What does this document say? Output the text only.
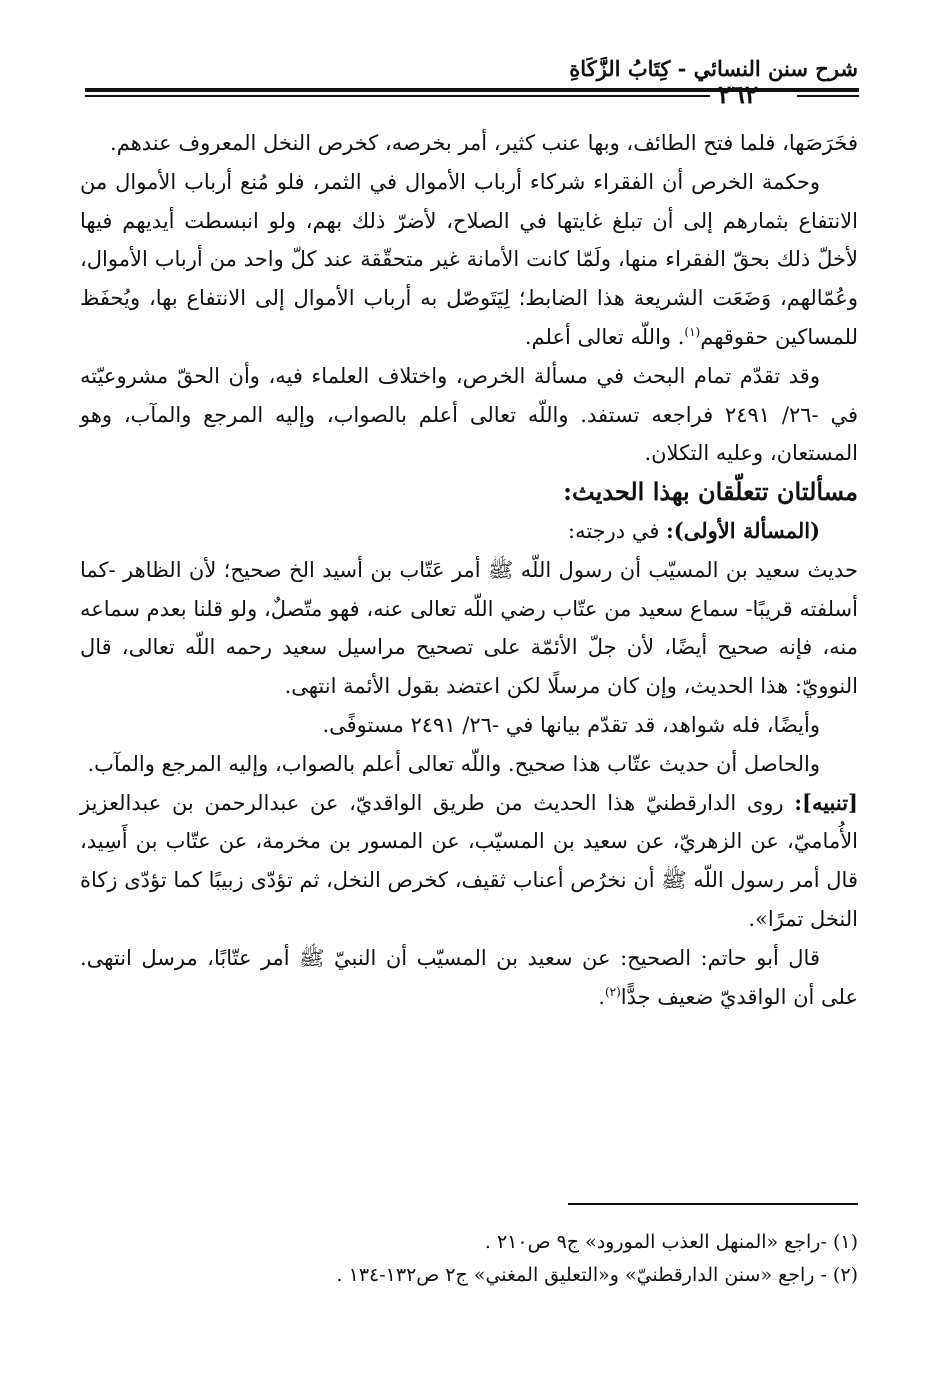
شرح سنن النسائي - كِتَابُ الزَّكَاةِ
٢٦٢

فخَرَصَها، فلما فتح الطائف، وبها عنب كثير، أمر بخرصه، كخرص النخل المعروف عندهم.

وحكمة الخرص أن الفقراء شركاء أرباب الأموال في الثمر، فلو مُنع أرباب الأموال من الانتفاع بثمارهم إلى أن تبلغ غايتها في الصلاح، لأضرّ ذلك بهم، ولو انبسطت أيديهم فيها لأخلّ ذلك بحقّ الفقراء منها، ولَمّا كانت الأمانة غير متحقّقة عند كلّ واحد من أرباب الأموال، وعُمّالهم، وَضَعَت الشريعة هذا الضابط؛ لِيَتَوصّل به أرباب الأموال إلى الانتفاع بها، ويُحفَظ للمساكين حقوقهم$^{(١)}$. واللّه تعالى أعلم.

وقد تقدّم تمام البحث في مسألة الخرص، واختلاف العلماء فيه، وأن الحقّ مشروعيّته في -٢٦/ ٢٤٩١ فراجعه تستفد. واللّه تعالى أعلم بالصواب، وإليه المرجع والمآب، وهو المستعان، وعليه التكلان.

مسألتان تتعلّقان بهذا الحديث:

(المسألة الأولى): في درجته:

حديث سعيد بن المسيّب أن رسول اللّه ﷺ أمر عَتّاب بن أسيد الخ صحيح؛ لأن الظاهر -كما أسلفته قريبًا- سماع سعيد من عتّاب رضي اللّه تعالى عنه، فهو متّصلٌ، ولو قلنا بعدم سماعه منه، فإنه صحيح أيضًا، لأن جلّ الأئمّة على تصحيح مراسيل سعيد رحمه اللّه تعالى، قال النوويّ: هذا الحديث، وإن كان مرسلًا لكن اعتضد بقول الأئمة انتهى.

وأيضًا، فله شواهد، قد تقدّم بيانها في -٢٦/ ٢٤٩١ مستوفًى.

والحاصل أن حديث عتّاب هذا صحيح. واللّه تعالى أعلم بالصواب، وإليه المرجع والمآب.

[تنبيه]: روى الدارقطنيّ هذا الحديث من طريق الواقديّ، عن عبدالرحمن بن عبدالعزيز الأُماميّ، عن الزهريّ، عن سعيد بن المسيّب، عن المسور بن مخرمة، عن عتّاب بن أَسِيد، قال أمر رسول اللّه ﷺ أن نخرُص أعناب ثقيف، كخرص النخل، ثم تؤدّى زبيبًا كما تؤدّى زكاة النخل تمرًا».

قال أبو حاتم: الصحيح: عن سعيد بن المسيّب أن النبيّ ﷺ أمر عتّابًا، مرسل انتهى. على أن الواقديّ ضعيف جدًّا$^{(٢)}$.

(١) -راجع «المنهل العذب المورود» ج٩ ص٢١٠ .

(٢) - راجع «سنن الدارقطنيّ» و«التعليق المغني» ج٢ ص١٣٢-١٣٤ .
